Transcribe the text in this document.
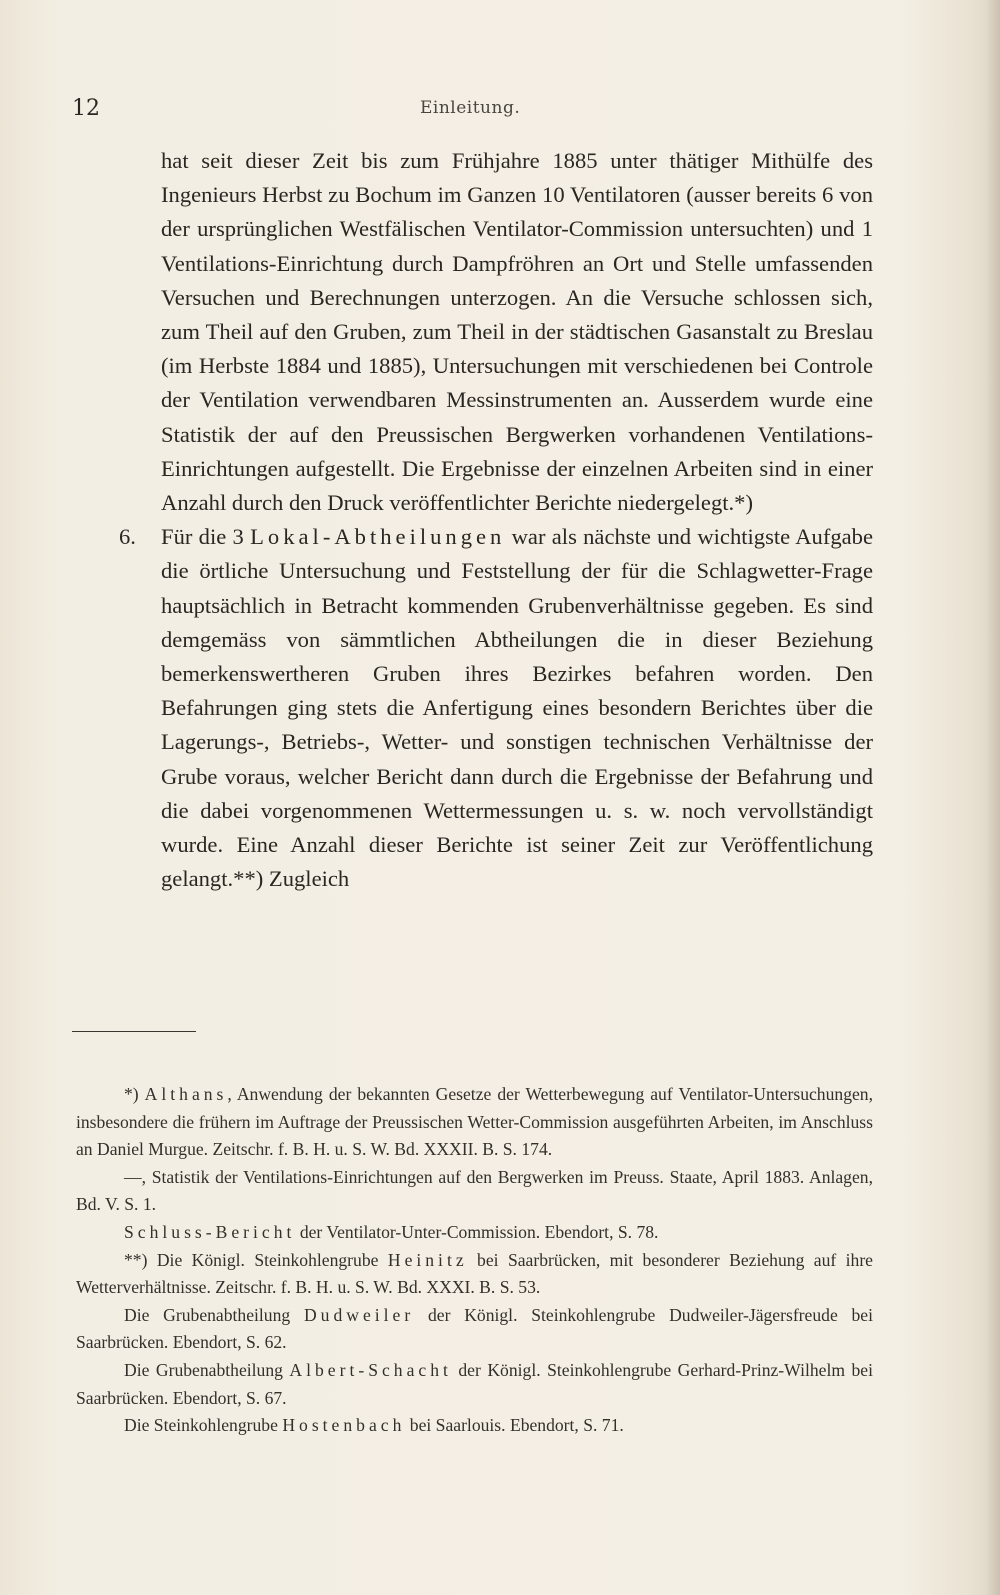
12	Einleitung.

hat seit dieser Zeit bis zum Frühjahre 1885 unter thätiger Mithülfe des Ingenieurs Herbst zu Bochum im Ganzen 10 Ventilatoren (ausser bereits 6 von der ursprünglichen Westfälischen Ventilator-Commission untersuchten) und 1 Ventilations-Einrichtung durch Dampfröhren an Ort und Stelle umfassenden Versuchen und Berechnungen unterzogen. An die Versuche schlossen sich, zum Theil auf den Gruben, zum Theil in der städtischen Gasanstalt zu Breslau (im Herbste 1884 und 1885), Untersuchungen mit verschiedenen bei Controle der Ventilation verwendbaren Messinstrumenten an. Ausserdem wurde eine Statistik der auf den Preussischen Bergwerken vorhandenen Ventilations-Einrichtungen aufgestellt. Die Ergebnisse der einzelnen Arbeiten sind in einer Anzahl durch den Druck veröffentlichter Berichte niedergelegt.*)

6. Für die 3 Lokal-Abtheilungen war als nächste und wichtigste Aufgabe die örtliche Untersuchung und Feststellung der für die Schlagwetter-Frage hauptsächlich in Betracht kommenden Grubenverhältnisse gegeben. Es sind demgemäss von sämmtlichen Abtheilungen die in dieser Beziehung bemerkenswertheren Gruben ihres Bezirkes befahren worden. Den Befahrungen ging stets die Anfertigung eines besondern Berichtes über die Lagerungs-, Betriebs-, Wetter- und sonstigen technischen Verhältnisse der Grube voraus, welcher Bericht dann durch die Ergebnisse der Befahrung und die dabei vorgenommenen Wettermessungen u. s. w. noch vervollständigt wurde. Eine Anzahl dieser Berichte ist seiner Zeit zur Veröffentlichung gelangt.**) Zugleich

*) Althans, Anwendung der bekannten Gesetze der Wetterbewegung auf Ventilator-Untersuchungen, insbesondere die frühern im Auftrage der Preussischen Wetter-Commission ausgeführten Arbeiten, im Anschluss an Daniel Murgue. Zeitschr. f. B. H. u. S. W. Bd. XXXII. B. S. 174.

—, Statistik der Ventilations-Einrichtungen auf den Bergwerken im Preuss. Staate, April 1883. Anlagen, Bd. V. S. 1.

Schluss-Bericht der Ventilator-Unter-Commission. Ebendort, S. 78.

**) Die Königl. Steinkohlengrube Heinitz bei Saarbrücken, mit besonderer Beziehung auf ihre Wetterverhältnisse. Zeitschr. f. B. H. u. S. W. Bd. XXXI. B. S. 53.

Die Grubenabtheilung Dudweiler der Königl. Steinkohlengrube Dudweiler-Jägersfreude bei Saarbrücken. Ebendort, S. 62.

Die Grubenabtheilung Albert-Schacht der Königl. Steinkohlengrube Gerhard-Prinz-Wilhelm bei Saarbrücken. Ebendort, S. 67.

Die Steinkohlengrube Hostenbach bei Saarlouis. Ebendort, S. 71.
